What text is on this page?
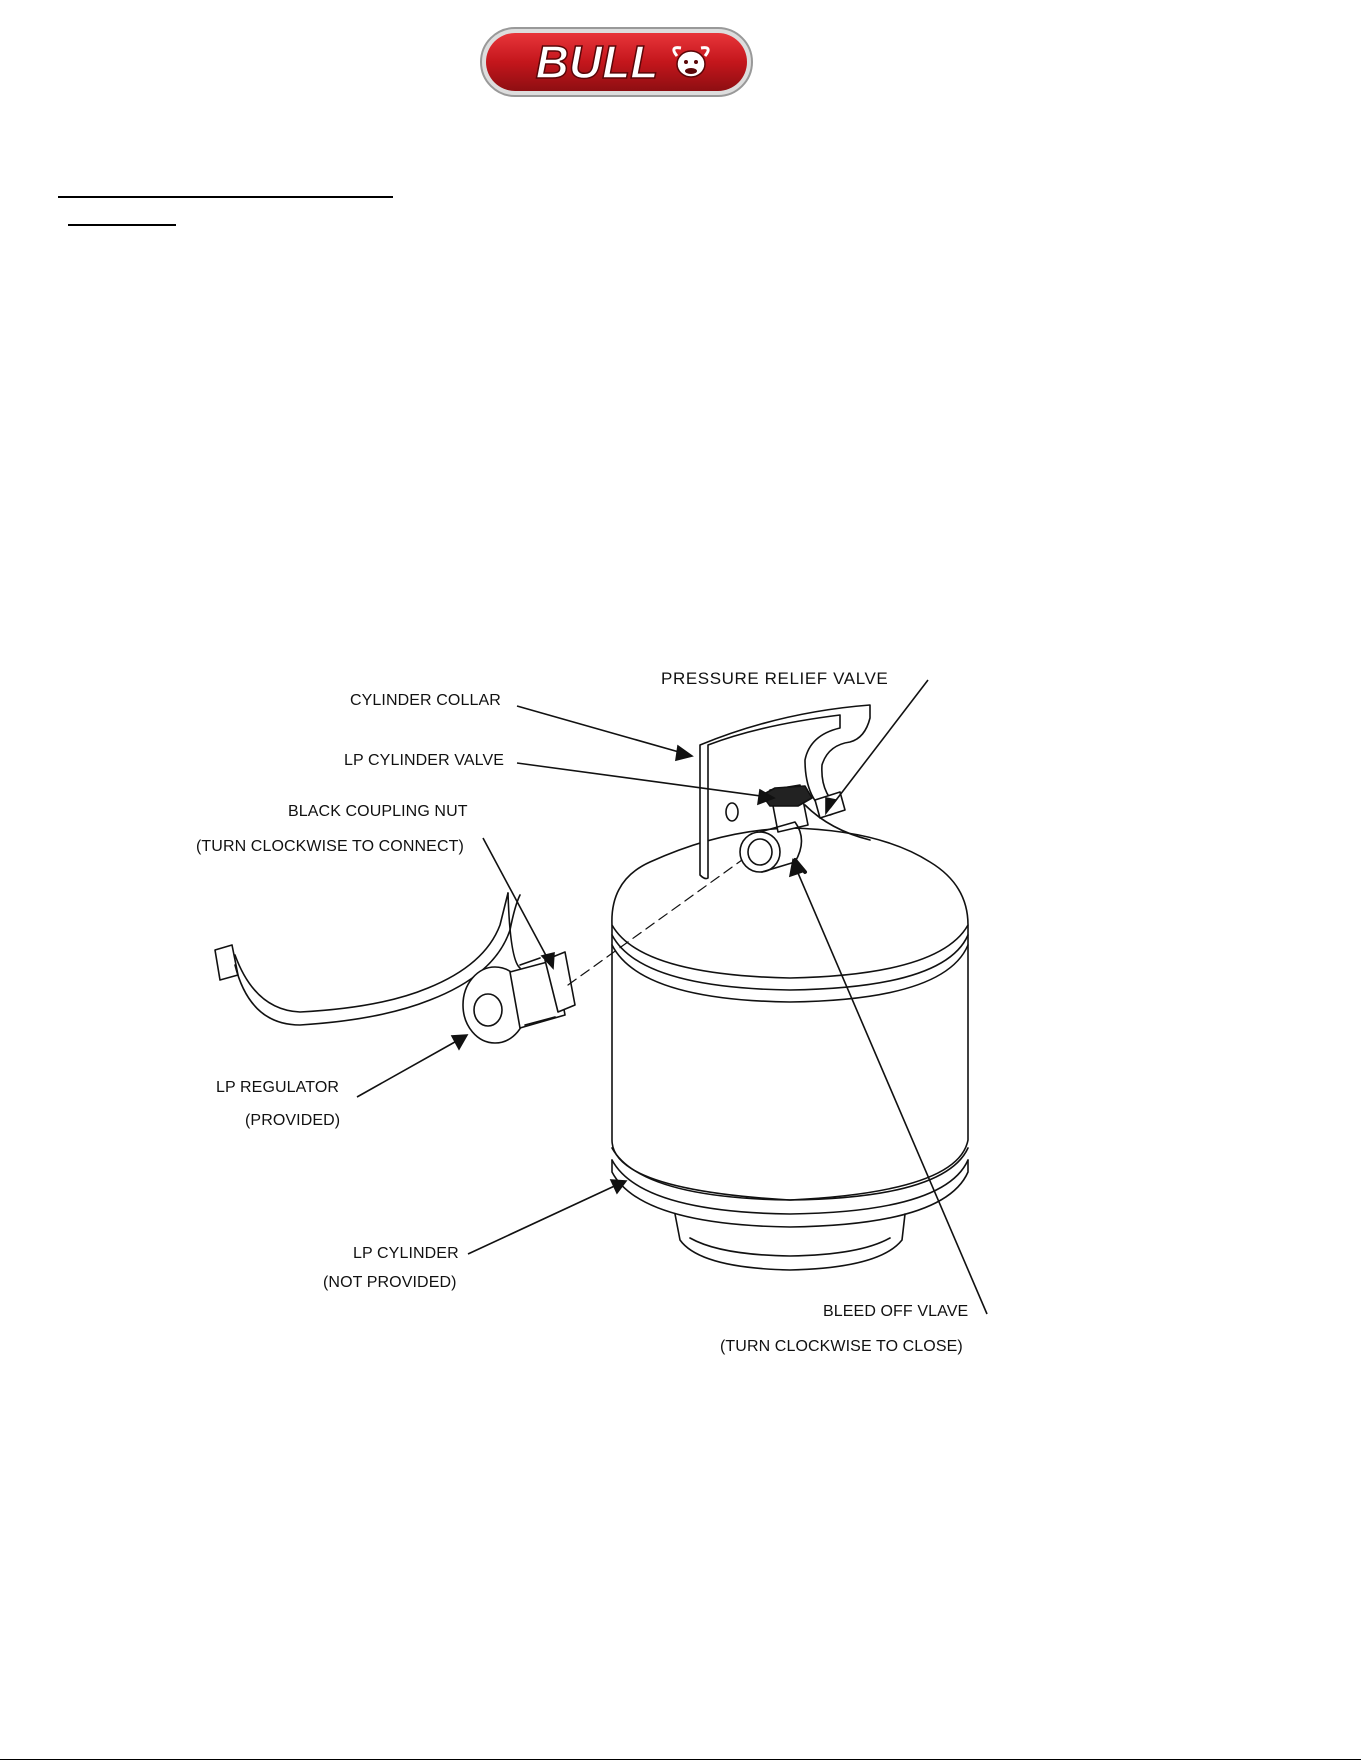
BULL
PRESSURE RELIEF VALVE
CYLINDER COLLAR
LP CYLINDER VALVE
BLACK COUPLING NUT
(TURN CLOCKWISE TO CONNECT)
LP REGULATOR
(PROVIDED)
LP CYLINDER
(NOT PROVIDED)
BLEED OFF VLAVE
(TURN CLOCKWISE TO CLOSE)
